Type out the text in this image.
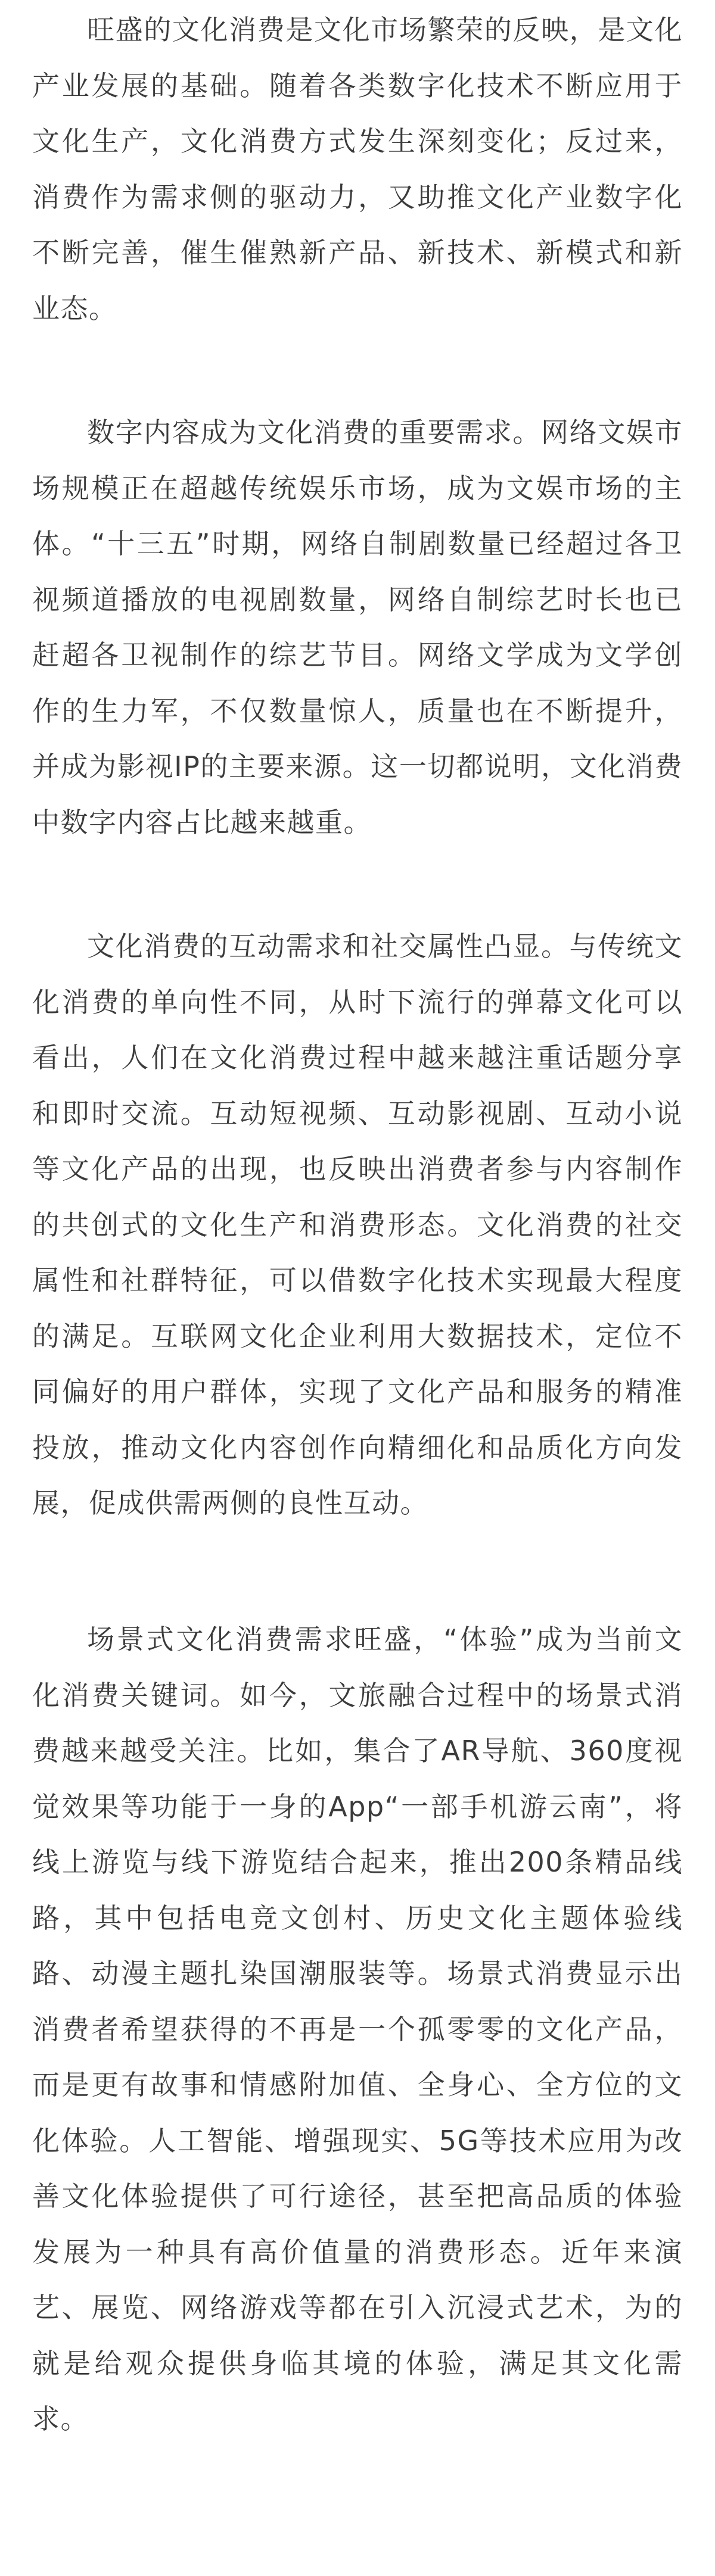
旺盛的文化消费是文化市场繁荣的反映，是文化产业发展的基础。随着各类数字化技术不断应用于文化生产，文化消费方式发生深刻变化；反过来，消费作为需求侧的驱动力，又助推文化产业数字化不断完善，催生催熟新产品、新技术、新模式和新业态。

数字内容成为文化消费的重要需求。网络文娱市场规模正在超越传统娱乐市场，成为文娱市场的主体。“十三五”时期，网络自制剧数量已经超过各卫视频道播放的电视剧数量，网络自制综艺时长也已赶超各卫视制作的综艺节目。网络文学成为文学创作的生力军，不仅数量惊人，质量也在不断提升，并成为影视IP的主要来源。这一切都说明，文化消费中数字内容占比越来越重。

文化消费的互动需求和社交属性凸显。与传统文化消费的单向性不同，从时下流行的弹幕文化可以看出，人们在文化消费过程中越来越注重话题分享和即时交流。互动短视频、互动影视剧、互动小说等文化产品的出现，也反映出消费者参与内容制作的共创式的文化生产和消费形态。文化消费的社交属性和社群特征，可以借数字化技术实现最大程度的满足。互联网文化企业利用大数据技术，定位不同偏好的用户群体，实现了文化产品和服务的精准投放，推动文化内容创作向精细化和品质化方向发展，促成供需两侧的良性互动。

场景式文化消费需求旺盛，“体验”成为当前文化消费关键词。如今，文旅融合过程中的场景式消费越来越受关注。比如，集合了AR导航、360度视觉效果等功能于一身的App“一部手机游云南”，将线上游览与线下游览结合起来，推出200条精品线路，其中包括电竞文创村、历史文化主题体验线路、动漫主题扎染国潮服装等。场景式消费显示出消费者希望获得的不再是一个孤零零的文化产品，而是更有故事和情感附加值、全身心、全方位的文化体验。人工智能、增强现实、5G等技术应用为改善文化体验提供了可行途径，甚至把高品质的体验发展为一种具有高价值量的消费形态。近年来演艺、展览、网络游戏等都在引入沉浸式艺术，为的就是给观众提供身临其境的体验，满足其文化需求。
